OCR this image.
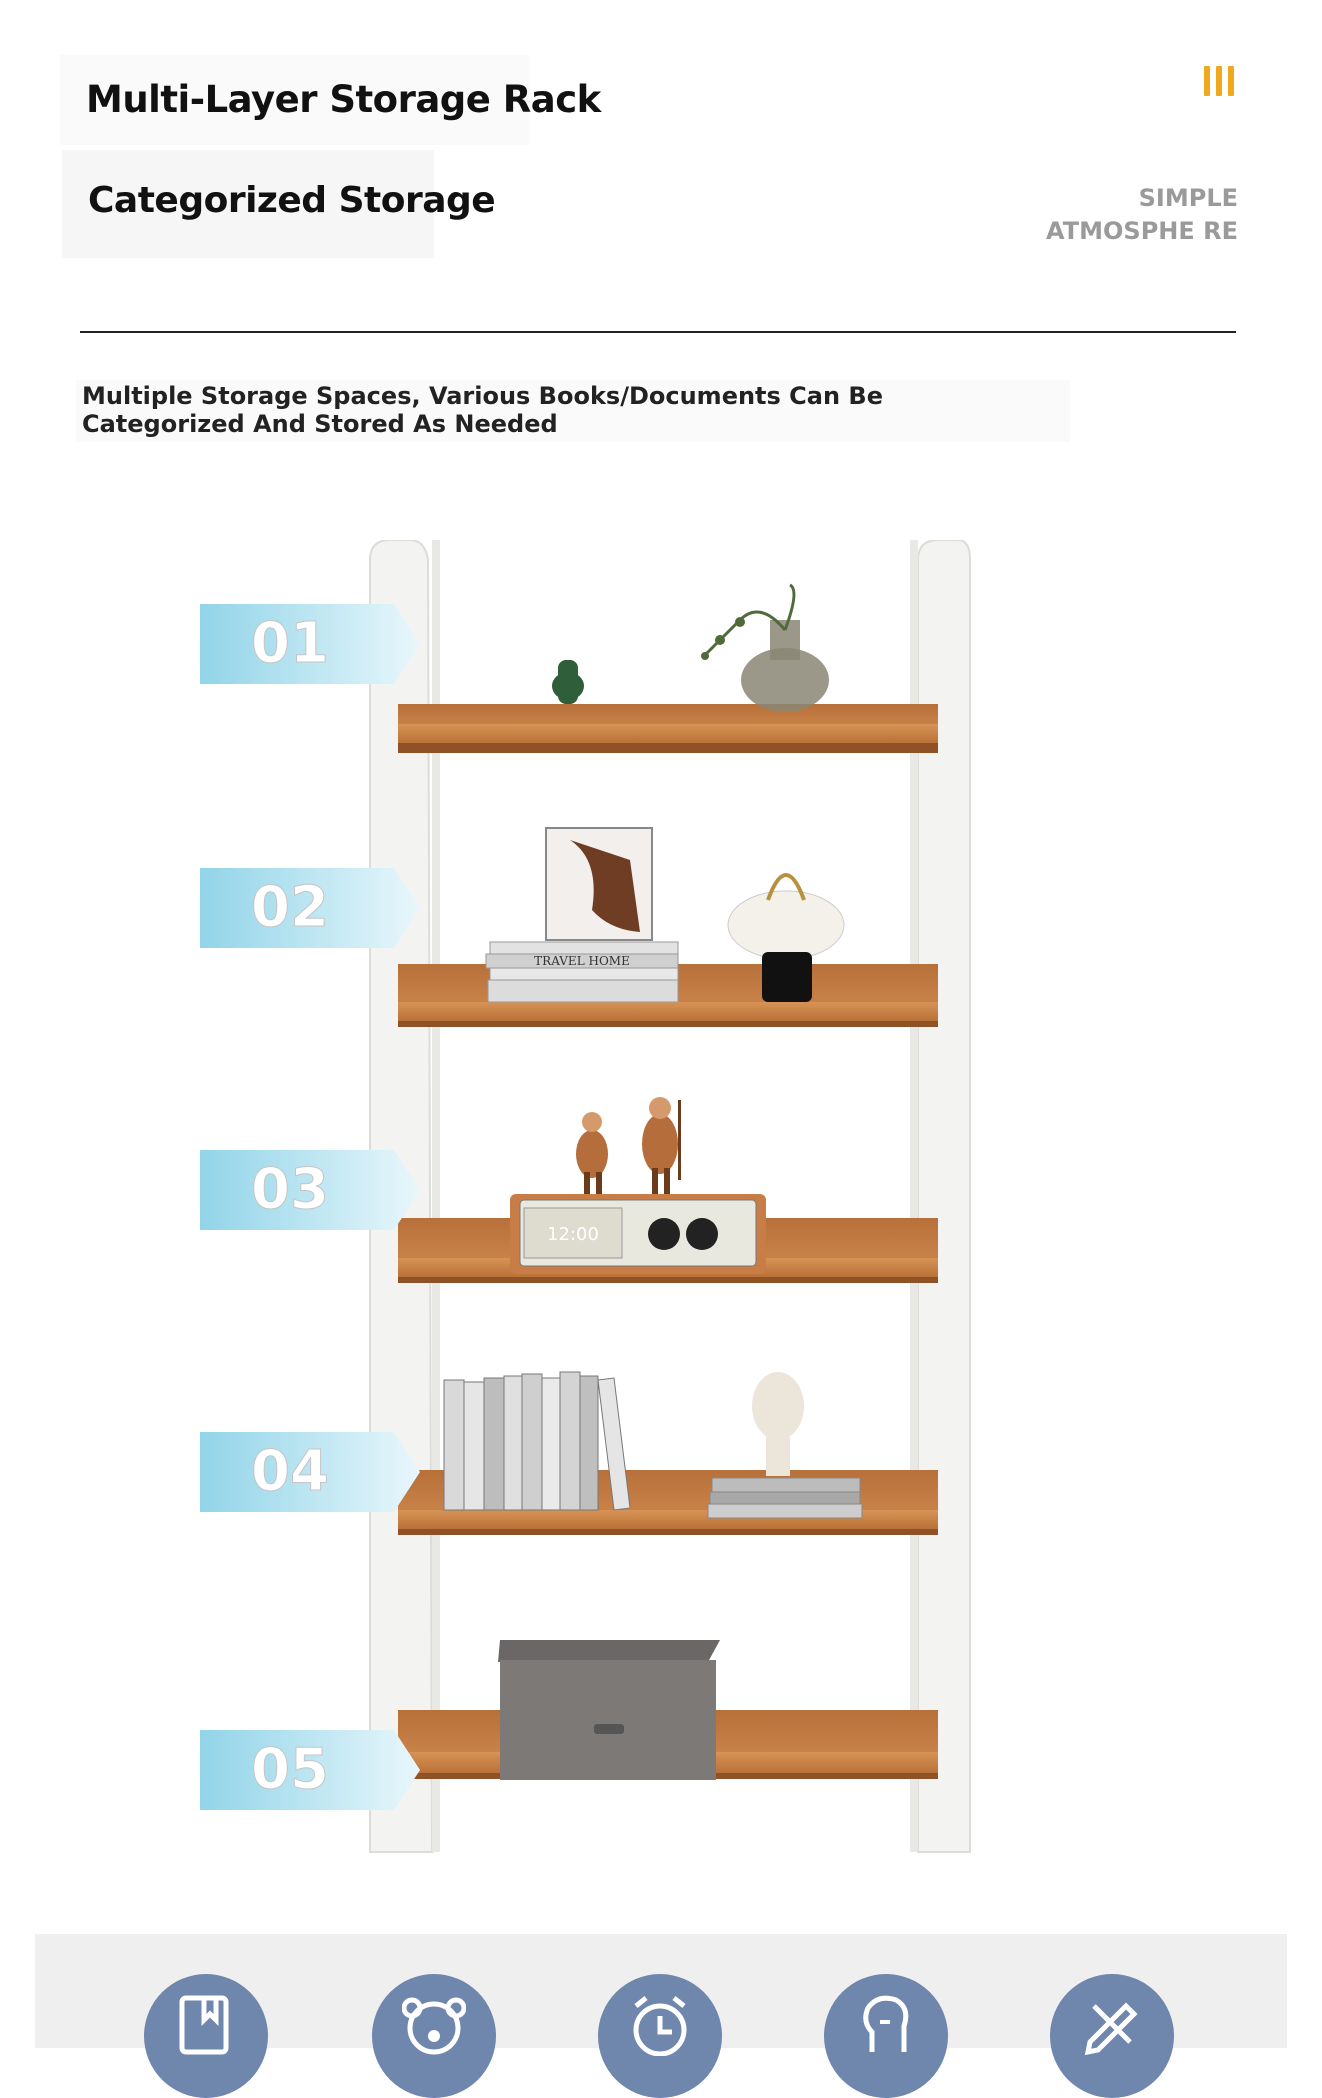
Multi-Layer Storage Rack
Categorized Storage	SIMPLE
ATMOSPHE RE
Multiple Storage Spaces, Various Books/Documents Can Be Categorized And Stored As Needed
TRAVEL HOME
12:00
01
02
03
04
05
